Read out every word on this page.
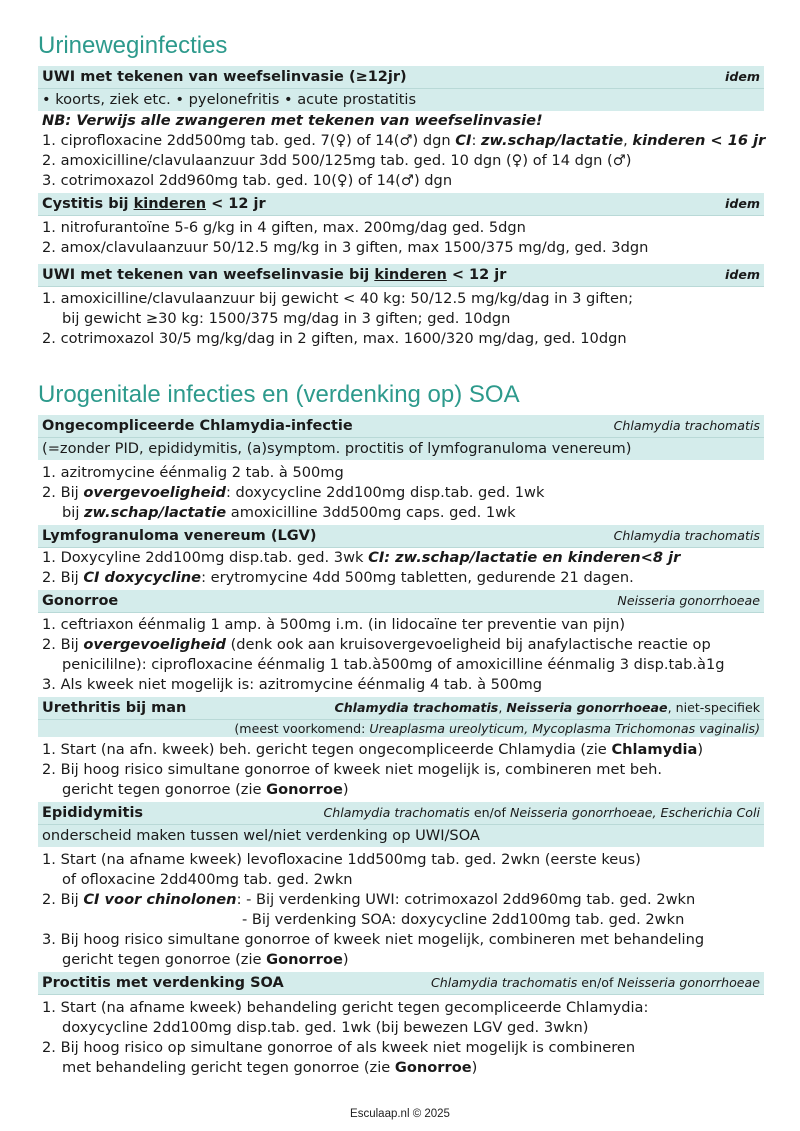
Urineweginfecties
UWI met tekenen van weefselinvasie (≥12jr)	idem
• koorts, ziek etc. • pyelonefritis • acute prostatitis
NB: Verwijs alle zwangeren met tekenen van weefselinvasie!
1. ciprofloxacine 2dd500mg tab. ged. 7(♀) of 14(♂) dgn CI: zw.schap/lactatie, kinderen < 16 jr
2. amoxicilline/clavulaanzuur 3dd 500/125mg tab. ged. 10 dgn (♀) of 14 dgn (♂)
3. cotrimoxazol 2dd960mg tab. ged. 10(♀) of 14(♂) dgn
Cystitis bij kinderen < 12 jr	idem
1. nitrofurantoïne 5-6 g/kg in 4 giften, max. 200mg/dag ged. 5dgn
2. amox/clavulaanzuur 50/12.5 mg/kg in 3 giften, max 1500/375 mg/dg, ged. 3dgn
UWI met tekenen van weefselinvasie bij kinderen < 12 jr	idem
1. amoxicilline/clavulaanzuur bij gewicht < 40 kg: 50/12.5 mg/kg/dag in 3 giften;
bij gewicht ≥30 kg: 1500/375 mg/dag in 3 giften; ged. 10dgn
2. cotrimoxazol 30/5 mg/kg/dag in 2 giften, max. 1600/320 mg/dag, ged. 10dgn
Urogenitale infecties en (verdenking op) SOA
Ongecompliceerde Chlamydia-infectie	Chlamydia trachomatis
(=zonder PID, epididymitis, (a)symptom. proctitis of lymfogranuloma venereum)
1. azitromycine éénmalig 2 tab. à 500mg
2. Bij overgevoeligheid: doxycycline 2dd100mg disp.tab. ged. 1wk
bij zw.schap/lactatie amoxicilline 3dd500mg caps. ged. 1wk
Lymfogranuloma venereum (LGV)	Chlamydia trachomatis
1. Doxycyline 2dd100mg disp.tab. ged. 3wk CI: zw.schap/lactatie en kinderen<8 jr
2. Bij CI doxycycline: erytromycine 4dd 500mg tabletten, gedurende 21 dagen.
Gonorroe	Neisseria gonorrhoeae
1. ceftriaxon éénmalig 1 amp. à 500mg i.m. (in lidocaïne ter preventie van pijn)
2. Bij overgevoeligheid (denk ook aan kruisovergevoeligheid bij anafylactische reactie op
penicililne): ciprofloxacine éénmalig 1 tab.à500mg of amoxicilline éénmalig 3 disp.tab.à1g
3. Als kweek niet mogelijk is: azitromycine éénmalig 4 tab. à 500mg
Urethritis bij man	Chlamydia trachomatis, Neisseria gonorrhoeae, niet-specifiek
(meest voorkomend: Ureaplasma ureolyticum, Mycoplasma Trichomonas vaginalis)
1. Start (na afn. kweek) beh. gericht tegen ongecompliceerde Chlamydia (zie Chlamydia)
2. Bij hoog risico simultane gonorroe of kweek niet mogelijk is, combineren met beh.
gericht tegen gonorroe (zie Gonorroe)
Epididymitis	Chlamydia trachomatis en/of Neisseria gonorrhoeae, Escherichia Coli
onderscheid maken tussen wel/niet verdenking op UWI/SOA
1. Start (na afname kweek) levofloxacine 1dd500mg tab. ged. 2wkn (eerste keus)
of ofloxacine 2dd400mg tab. ged. 2wkn
2. Bij CI voor chinolonen: - Bij verdenking UWI: cotrimoxazol 2dd960mg tab. ged. 2wkn
- Bij verdenking SOA: doxycycline 2dd100mg tab. ged. 2wkn
3. Bij hoog risico simultane gonorroe of kweek niet mogelijk, combineren met behandeling
gericht tegen gonorroe (zie Gonorroe)
Proctitis met verdenking SOA	Chlamydia trachomatis en/of Neisseria gonorrhoeae
1. Start (na afname kweek) behandeling gericht tegen gecompliceerde Chlamydia:
doxycycline 2dd100mg disp.tab. ged. 1wk (bij bewezen LGV ged. 3wkn)
2. Bij hoog risico op simultane gonorroe of als kweek niet mogelijk is combineren
met behandeling gericht tegen gonorroe (zie Gonorroe)
Esculaap.nl © 2025
